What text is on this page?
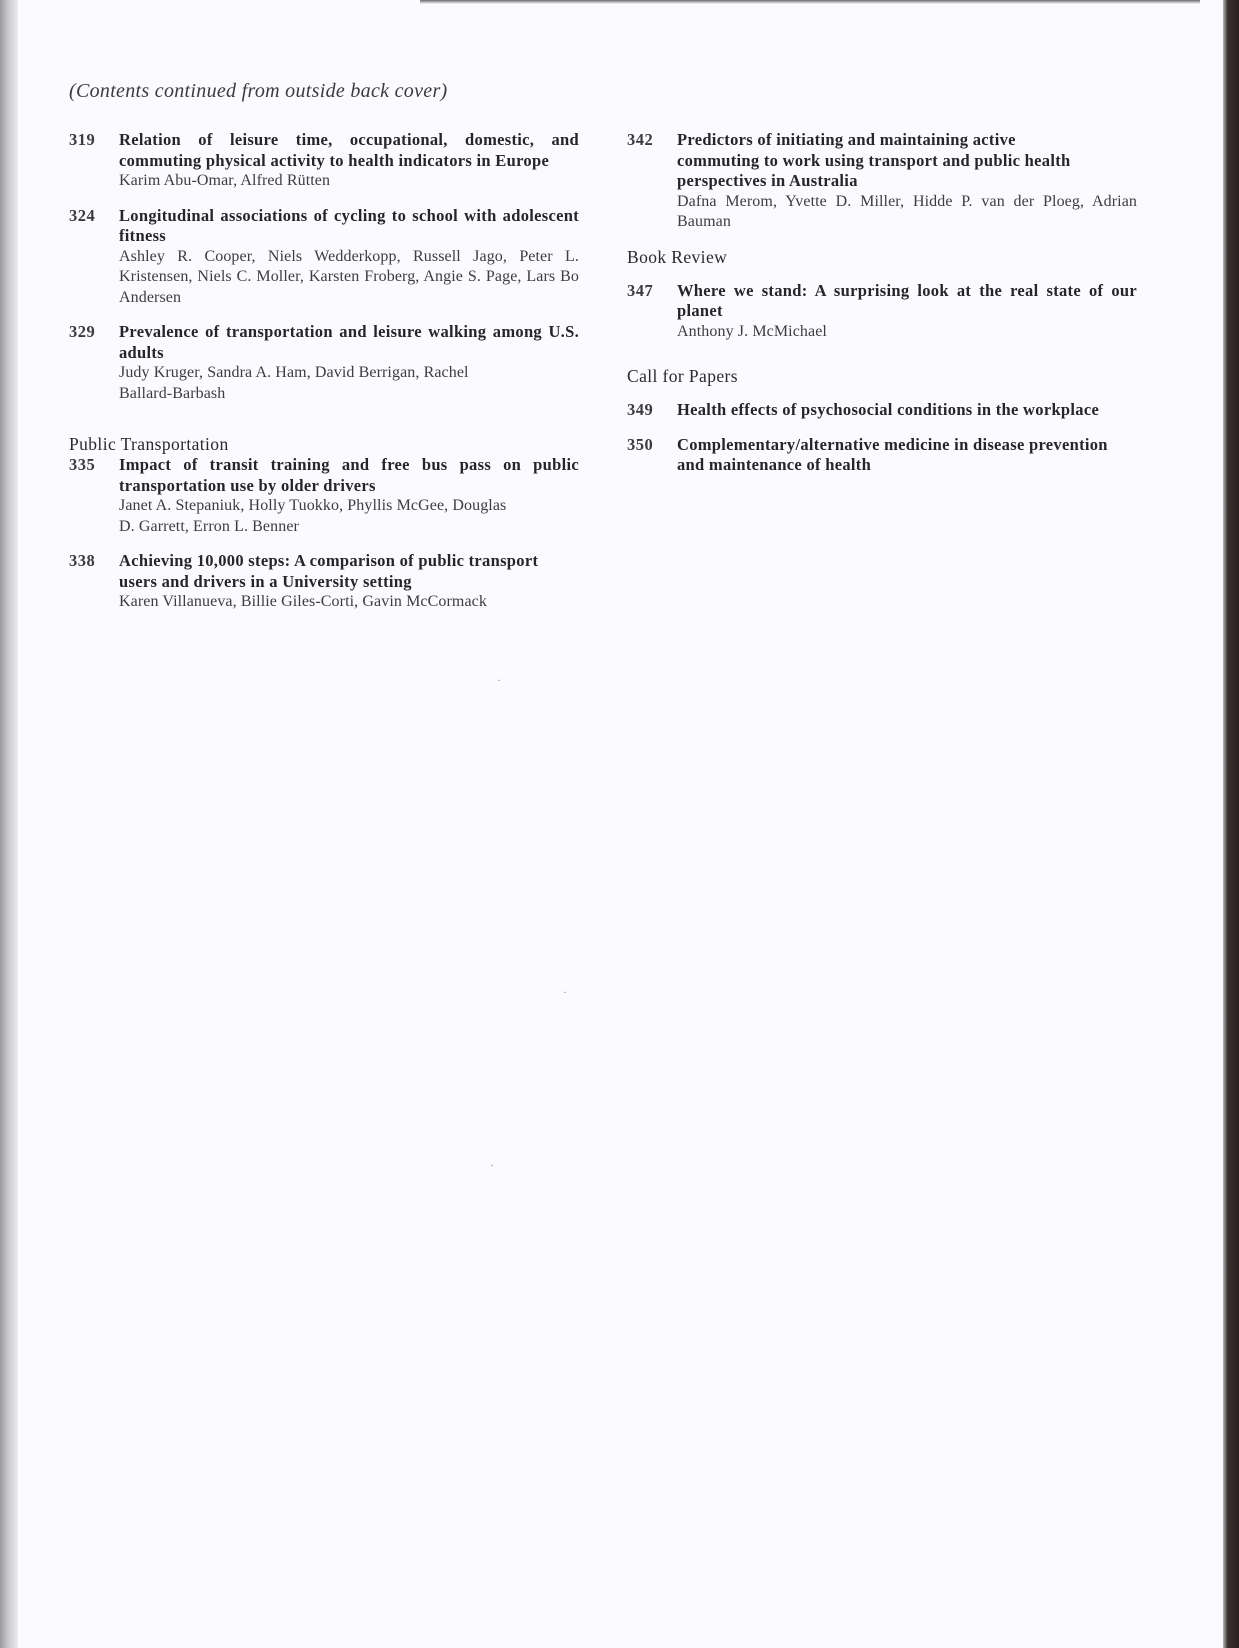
(Contents continued from outside back cover)
319	Relation of leisure time, occupational, domestic, and commuting physical activity to health indicators in Europe
Karim Abu-Omar, Alfred Rütten
324	Longitudinal associations of cycling to school with adolescent fitness
Ashley R. Cooper, Niels Wedderkopp, Russell Jago, Peter L. Kristensen, Niels C. Moller, Karsten Froberg, Angie S. Page, Lars Bo Andersen
329	Prevalence of transportation and leisure walking among U.S. adults
Judy Kruger, Sandra A. Ham, David Berrigan, Rachel Ballard-Barbash
Public Transportation
335	Impact of transit training and free bus pass on public transportation use by older drivers
Janet A. Stepaniuk, Holly Tuokko, Phyllis McGee, Douglas D. Garrett, Erron L. Benner
338	Achieving 10,000 steps: A comparison of public transport users and drivers in a University setting
Karen Villanueva, Billie Giles-Corti, Gavin McCormack
342	Predictors of initiating and maintaining active commuting to work using transport and public health perspectives in Australia
Dafna Merom, Yvette D. Miller, Hidde P. van der Ploeg, Adrian Bauman
Book Review
347	Where we stand: A surprising look at the real state of our planet
Anthony J. McMichael
Call for Papers
349	Health effects of psychosocial conditions in the workplace
350	Complementary/alternative medicine in disease prevention and maintenance of health
·
·
·
